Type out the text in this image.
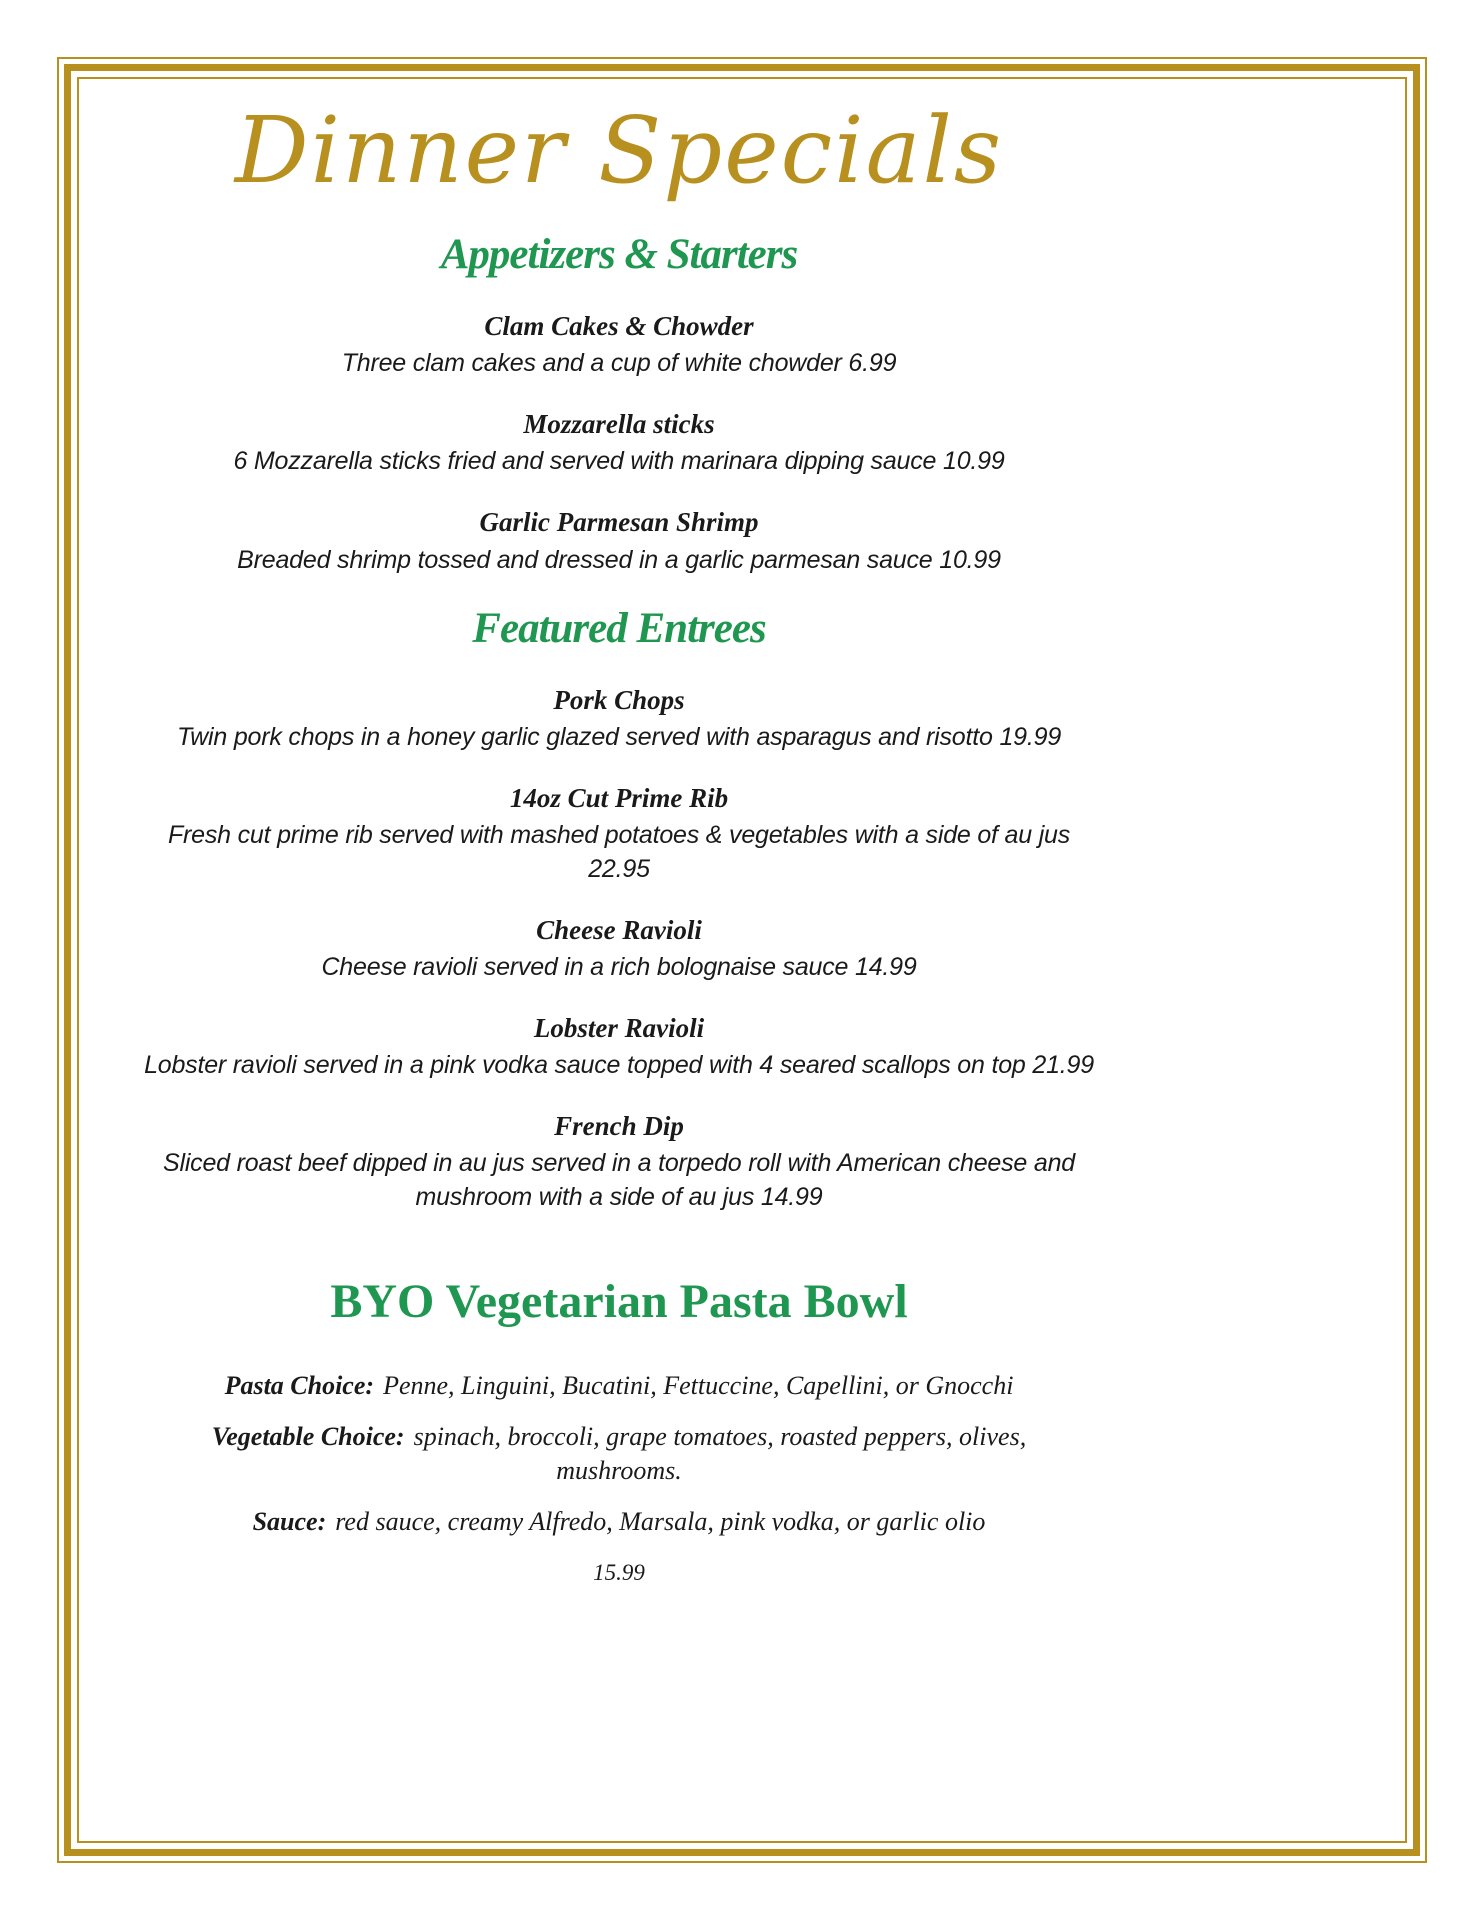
Dinner Specials
Appetizers & Starters
Clam Cakes & Chowder
Three clam cakes and a cup of white chowder 6.99
Mozzarella sticks
6 Mozzarella sticks fried and served with marinara dipping sauce 10.99
Garlic Parmesan Shrimp
Breaded shrimp tossed and dressed in a garlic parmesan sauce 10.99
Featured Entrees
Pork Chops
Twin pork chops in a honey garlic glazed served with asparagus and risotto 19.99
14oz Cut Prime Rib
Fresh cut prime rib served with mashed potatoes & vegetables with a side of au jus 22.95
Cheese Ravioli
Cheese ravioli served in a rich bolognaise sauce 14.99
Lobster Ravioli
Lobster ravioli served in a pink vodka sauce topped with 4 seared scallops on top 21.99
French Dip
Sliced roast beef dipped in au jus served in a torpedo roll with American cheese and mushroom with a side of au jus 14.99
BYO Vegetarian Pasta Bowl
Pasta Choice: Penne, Linguini, Bucatini, Fettuccine, Capellini, or Gnocchi
Vegetable Choice: spinach, broccoli, grape tomatoes, roasted peppers, olives, mushrooms.
Sauce: red sauce, creamy Alfredo, Marsala, pink vodka, or garlic olio
15.99
